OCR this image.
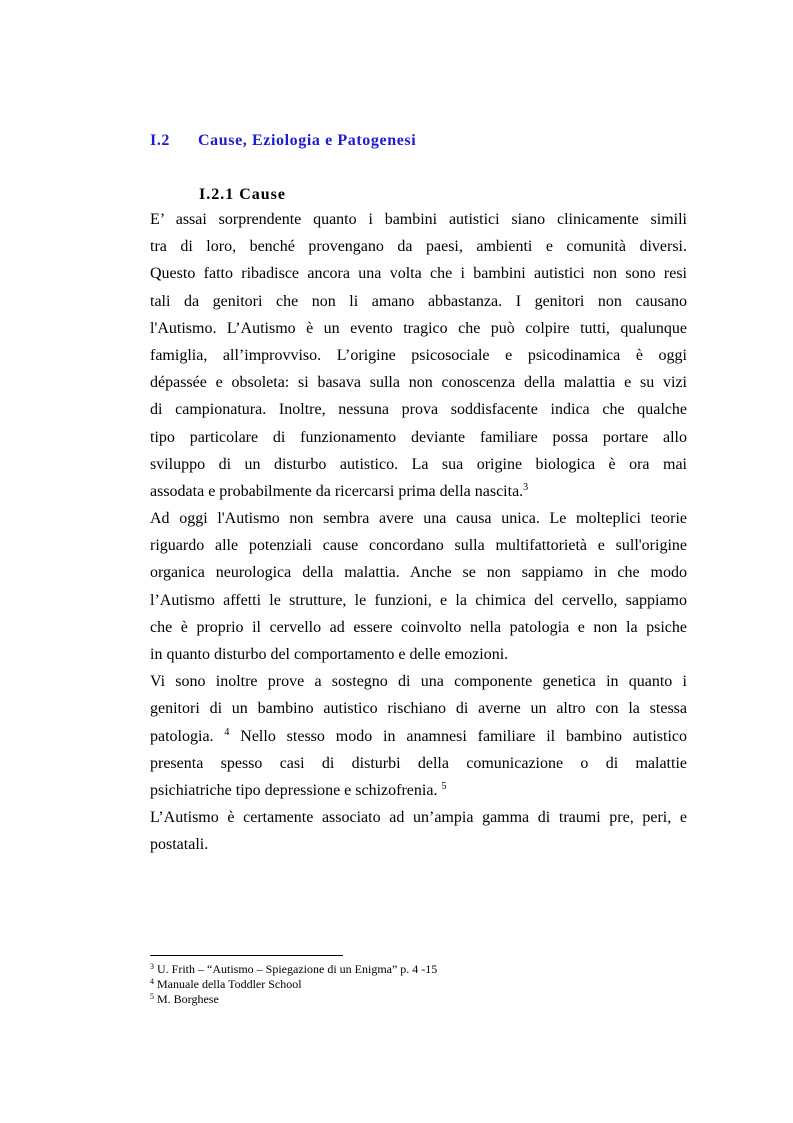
I.2 Cause, Eziologia e Patogenesi
I.2.1 Cause

E’ assai sorprendente quanto i bambini autistici siano clinicamente simili
tra di loro, benché provengano da paesi, ambienti e comunità diversi.
Questo fatto ribadisce ancora una volta che i bambini autistici non sono resi
tali da genitori che non li amano abbastanza. I genitori non causano
l'Autismo. L’Autismo è un evento tragico che può colpire tutti, qualunque
famiglia, all’improvviso. L’origine psicosociale e psicodinamica è oggi
dépassée e obsoleta: si basava sulla non conoscenza della malattia e su vizi
di campionatura. Inoltre, nessuna prova soddisfacente indica che qualche
tipo particolare di funzionamento deviante familiare possa portare allo
sviluppo di un disturbo autistico. La sua origine biologica è ora mai
assodata e probabilmente da ricercarsi prima della nascita.$^3$

Ad oggi l'Autismo non sembra avere una causa unica. Le molteplici teorie
riguardo alle potenziali cause concordano sulla multifattorietà e sull'origine
organica neurologica della malattia. Anche se non sappiamo in che modo
l’Autismo affetti le strutture, le funzioni, e la chimica del cervello, sappiamo
che è proprio il cervello ad essere coinvolto nella patologia e non la psiche
in quanto disturbo del comportamento e delle emozioni.

Vi sono inoltre prove a sostegno di una componente genetica in quanto i
genitori di un bambino autistico rischiano di averne un altro con la stessa
patologia. $^4$ Nello stesso modo in anamnesi familiare il bambino autistico
presenta spesso casi di disturbi della comunicazione o di malattie
psichiatriche tipo depressione e schizofrenia. $^5$

L’Autismo è certamente associato ad un’ampia gamma di traumi pre, peri, e
postatali.

$^3$ U. Frith – “Autismo – Spiegazione di un Enigma” p. 4 -15
$^4$ Manuale della Toddler School
$^5$ M. Borghese
